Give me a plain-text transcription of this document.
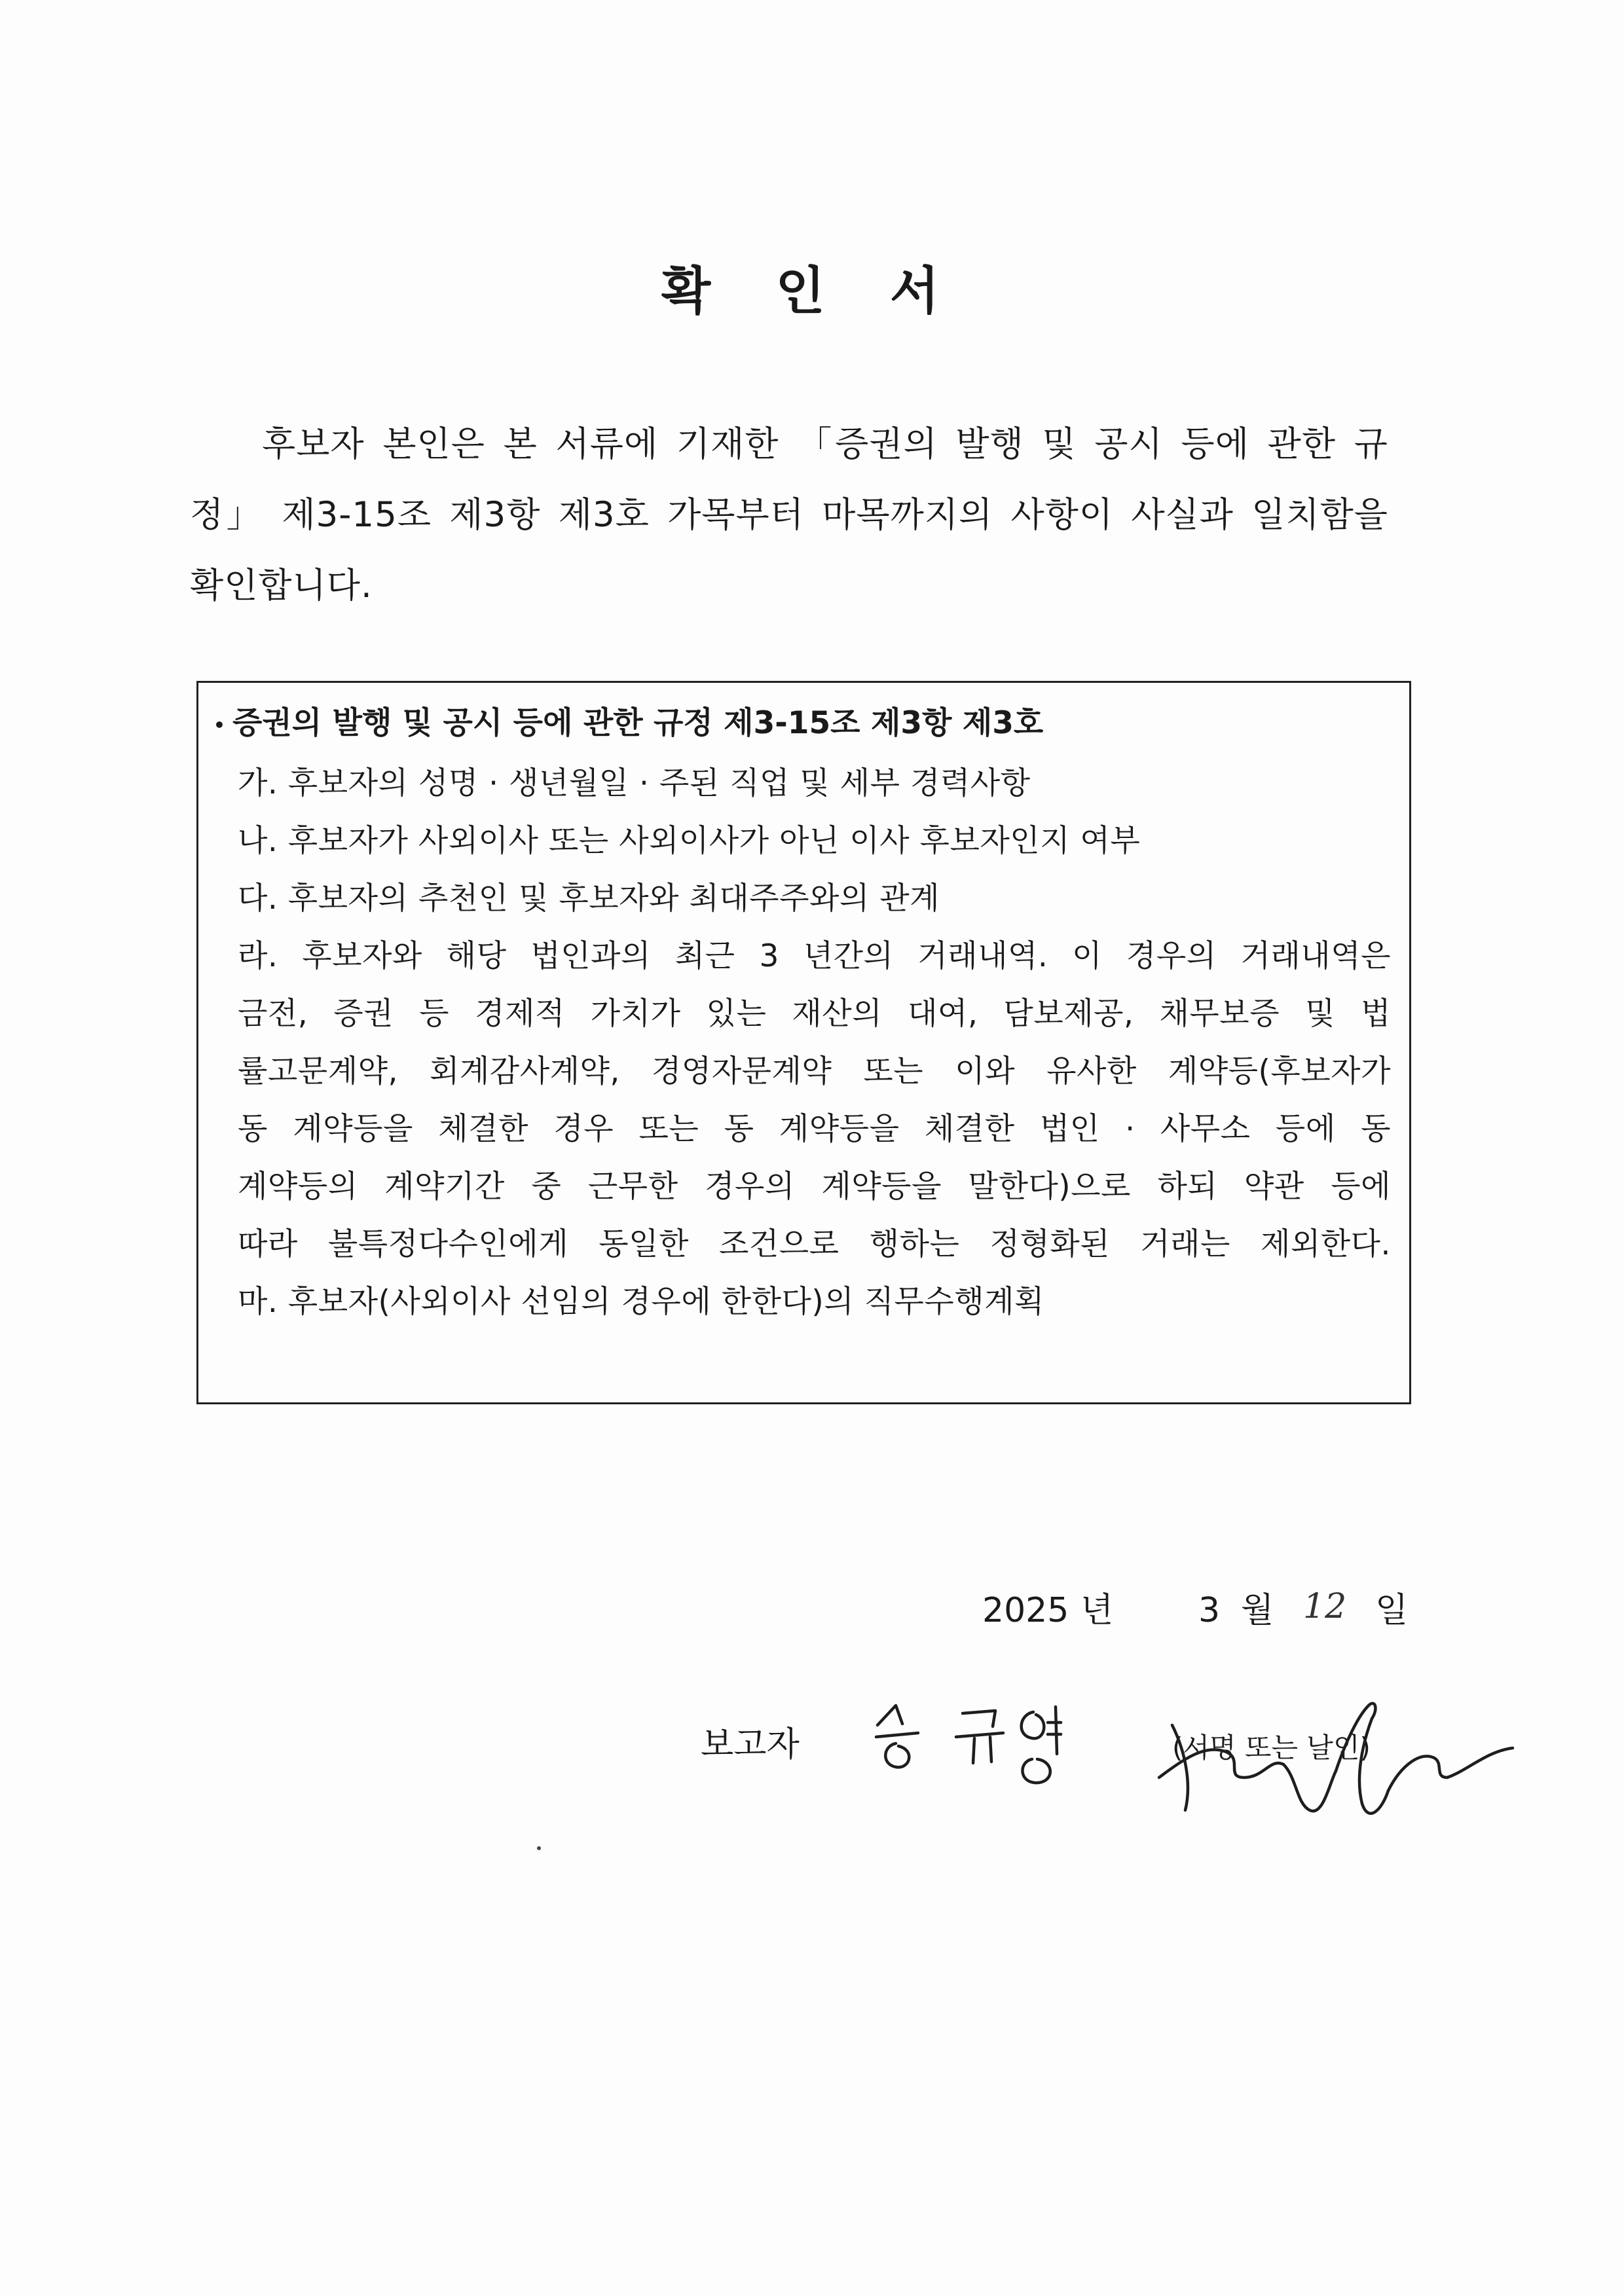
확 인 서
후보자 본인은 본 서류에 기재한 「증권의 발행 및 공시 등에 관한 규정」 제3-15조 제3항 제3호 가목부터 마목까지의 사항이 사실과 일치함을 확인합니다.
• 증권의 발행 및 공시 등에 관한 규정 제3-15조 제3항 제3호
가. 후보자의 성명 · 생년월일 · 주된 직업 및 세부 경력사항
나. 후보자가 사외이사 또는 사외이사가 아닌 이사 후보자인지 여부
다. 후보자의 추천인 및 후보자와 최대주주와의 관계
라. 후보자와 해당 법인과의 최근 3 년간의 거래내역. 이 경우의 거래내역은
금전, 증권 등 경제적 가치가 있는 재산의 대여, 담보제공, 채무보증 및 법
률고문계약, 회계감사계약, 경영자문계약 또는 이와 유사한 계약등(후보자가
동 계약등을 체결한 경우 또는 동 계약등을 체결한 법인 · 사무소 등에 동
계약등의 계약기간 중 근무한 경우의 계약등을 말한다)으로 하되 약관 등에
따라 불특정다수인에게 동일한 조건으로 행하는 정형화된 거래는 제외한다.
마. 후보자(사외이사 선임의 경우에 한한다)의 직무수행계획
2025 년 3 월 12 일
보고자	(서명 또는 날인)
